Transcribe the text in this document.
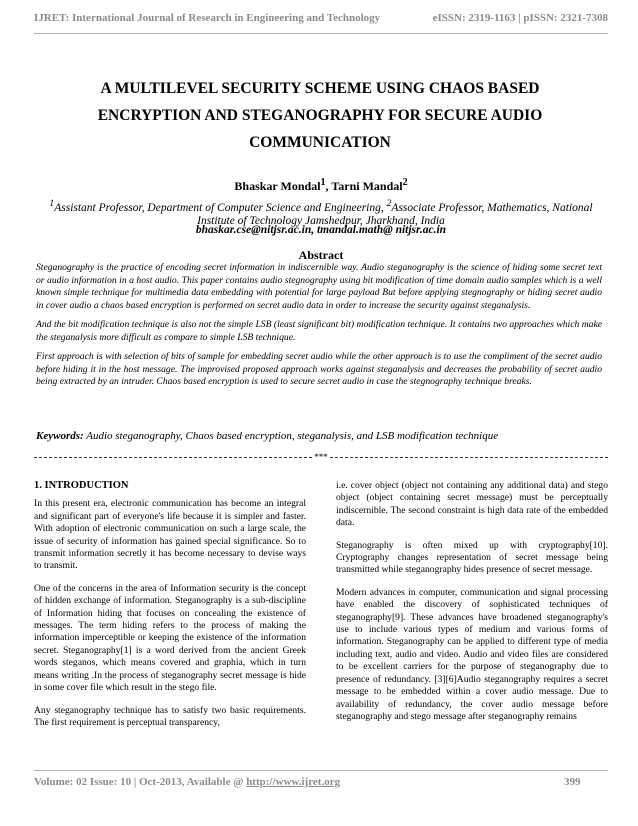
IJRET: International Journal of Research in Engineering and Technology	eISSN: 2319-1163 | pISSN: 2321-7308
A MULTILEVEL SECURITY SCHEME USING CHAOS BASED
ENCRYPTION AND STEGANOGRAPHY FOR SECURE AUDIO
COMMUNICATION
Bhaskar Mondal$^1$, Tarni Mandal$^2$
$^1$Assistant Professor, Department of Computer Science and Engineering, $^2$Associate Professor, Mathematics, National
Institute of Technology Jamshedpur, Jharkhand, India
bhaskar.cse@nitjsr.ac.in, tmandal.math@ nitjsr.ac.in
Abstract

Steganography is the practice of encoding secret information in indiscernible way. Audio steganography is the science of hiding some secret text or audio information in a host audio. This paper contains audio stegnography using bit modification of time domain audio samples which is a well known simple technique for multimedia data embedding with potential for large payload But before applying stegnography or hiding secret audio in cover audio a chaos based encryption is performed on secret audio data in order to increase the security against steganalysis.

And the bit modification technique is also not the simple LSB (least significant bit) modification technique. It contains two approaches which make the steganalysis more difficult as compare to simple LSB technique.

First approach is with selection of bits of sample for embedding secret audio while the other approach is to use the compliment of the secret audio before hiding it in the host message. The improvised proposed approach works against steganalysis and decreases the probability of secret audio being extracted by an intruder. Chaos based encryption is used to secure secret audio in case the stegnography technique breaks.

Keywords: Audio steganography, Chaos based encryption, steganalysis, and LSB modification technique
***
1. INTRODUCTION

In this present era, electronic communication has become an integral and significant part of everyone's life because it is simpler and faster. With adoption of electronic communication on such a large scale, the issue of security of information has gained special significance. So to transmit information secretly it has become necessary to devise ways to transmit.

One of the concerns in the area of Information security is the concept of hidden exchange of information. Steganography is a sub-discipline of Information hiding that focuses on concealing the existence of messages. The term hiding refers to the process of making the information imperceptible or keeping the existence of the information secret. Steganography[1] is a word derived from the ancient Greek words steganos, which means covered and graphia, which in turn means writing .In the process of steganography secret message is hide in some cover file which result in the stego file.

Any steganography technique has to satisfy two basic requirements. The first requirement is perceptual transparency,

i.e. cover object (object not containing any additional data) and stego object (object containing secret message) must be perceptually indiscernible. The second constraint is high data rate of the embedded data.

Steganography is often mixed up with cryptography[10]. Cryptography changes representation of secret message being transmitted while steganography hides presence of secret message.

Modern advances in computer, communication and signal processing have enabled the discovery of sophisticated techniques of steganography[9]. These advances have broadened steganography's use to include various types of medium and various forms of information. Steganography can be applied to different type of media including text, audio and video. Audio and video files are considered to be excellent carriers for the purpose of steganography due to presence of redundancy. [3][6]Audio steganography requires a secret message to be embedded within a cover audio message. Due to availability of redundancy, the cover audio message before steganography and stego message after steganography remains

Volume: 02 Issue: 10 | Oct-2013, Available @ http://www.ijret.org	399
